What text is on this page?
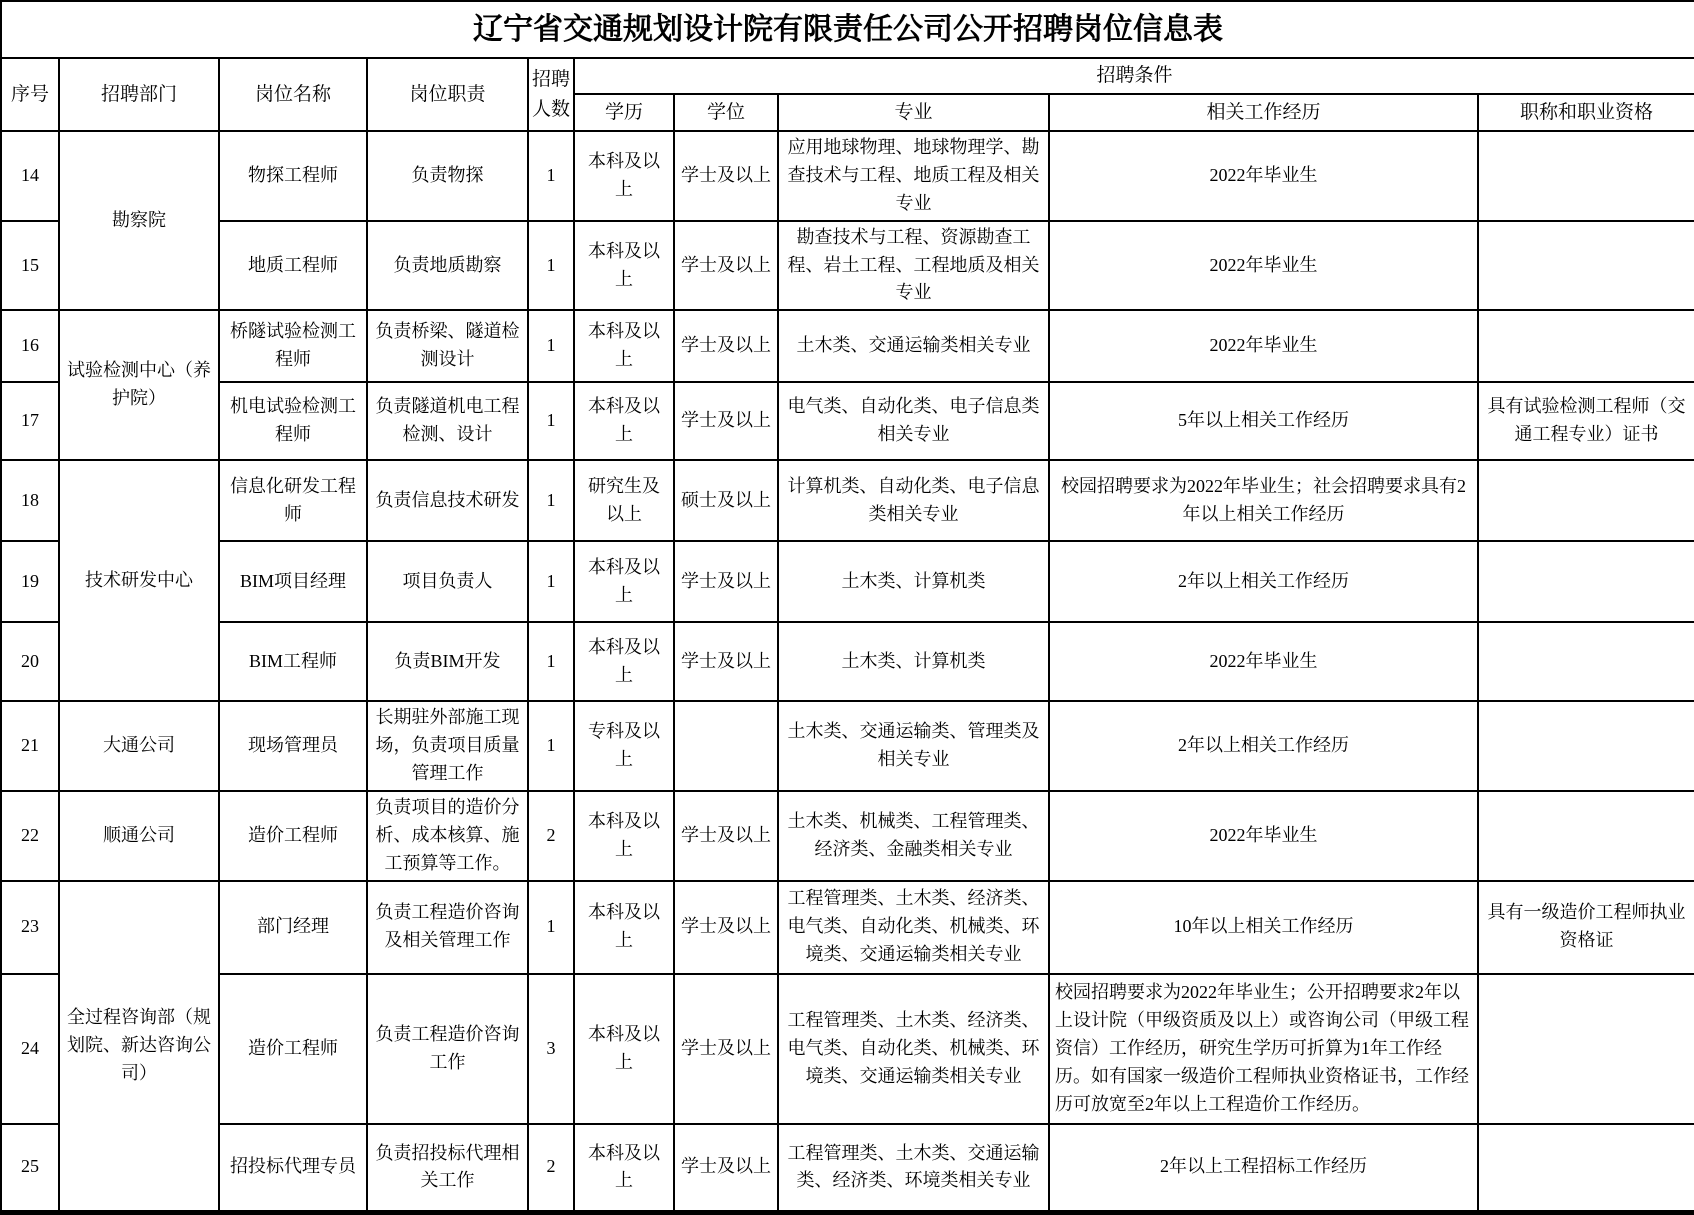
辽宁省交通规划设计院有限责任公司公开招聘岗位信息表									
序号	招聘部门	岗位名称	岗位职责	招聘人数	招聘条件				
					学历	学位	专业	相关工作经历	职称和职业资格
14	勘察院	物探工程师	负责物探	1	本科及以上	学士及以上	应用地球物理、地球物理学、勘查技术与工程、地质工程及相关专业	2022年毕业生	
15		地质工程师	负责地质勘察	1	本科及以上	学士及以上	勘查技术与工程、资源勘查工程、岩土工程、工程地质及相关专业	2022年毕业生	
16	试验检测中心（养护院）	桥隧试验检测工程师	负责桥梁、隧道检测设计	1	本科及以上	学士及以上	土木类、交通运输类相关专业	2022年毕业生	
17		机电试验检测工程师	负责隧道机电工程检测、设计	1	本科及以上	学士及以上	电气类、自动化类、电子信息类相关专业	5年以上相关工作经历	具有试验检测工程师（交通工程专业）证书
18	技术研发中心	信息化研发工程师	负责信息技术研发	1	研究生及以上	硕士及以上	计算机类、自动化类、电子信息类相关专业	校园招聘要求为2022年毕业生；社会招聘要求具有2年以上相关工作经历	
19		BIM项目经理	项目负责人	1	本科及以上	学士及以上	土木类、计算机类	2年以上相关工作经历	
20		BIM工程师	负责BIM开发	1	本科及以上	学士及以上	土木类、计算机类	2022年毕业生	
21	大通公司	现场管理员	长期驻外部施工现场，负责项目质量管理工作	1	专科及以上		土木类、交通运输类、管理类及相关专业	2年以上相关工作经历	
22	顺通公司	造价工程师	负责项目的造价分析、成本核算、施工预算等工作。	2	本科及以上	学士及以上	土木类、机械类、工程管理类、经济类、金融类相关专业	2022年毕业生	
23	全过程咨询部（规划院、新达咨询公司）	部门经理	负责工程造价咨询及相关管理工作	1	本科及以上	学士及以上	工程管理类、土木类、经济类、电气类、自动化类、机械类、环境类、交通运输类相关专业	10年以上相关工作经历	具有一级造价工程师执业资格证
24		造价工程师	负责工程造价咨询工作	3	本科及以上	学士及以上	工程管理类、土木类、经济类、电气类、自动化类、机械类、环境类、交通运输类相关专业	校园招聘要求为2022年毕业生；公开招聘要求2年以上设计院（甲级资质及以上）或咨询公司（甲级工程资信）工作经历，研究生学历可折算为1年工作经历。如有国家一级造价工程师执业资格证书，工作经历可放宽至2年以上工程造价工作经历。	
25		招投标代理专员	负责招投标代理相关工作	2	本科及以上	学士及以上	工程管理类、土木类、交通运输类、经济类、环境类相关专业	2年以上工程招标工作经历	
